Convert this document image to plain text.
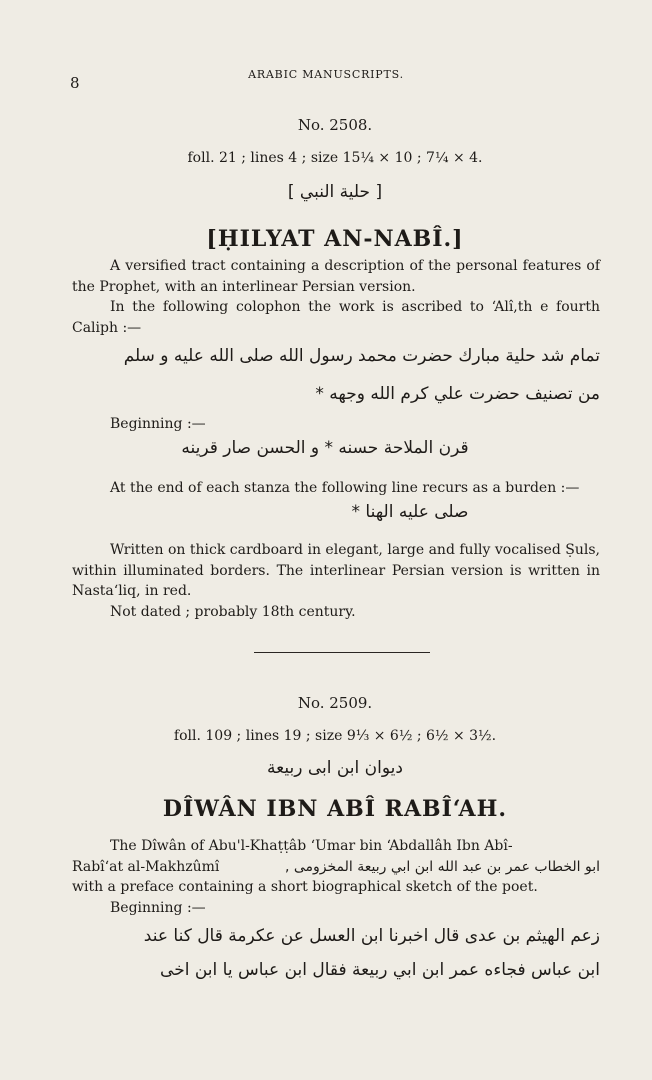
8	ARABIC MANUSCRIPTS.
No. 2508.
foll. 21 ; lines 4 ; size 15¼ × 10 ; 7¼ × 4.
[ حلية النبي ]
[ḤILYAT AN-NABÎ.]

A versified tract containing a description of the personal features of the Prophet, with an interlinear Persian version.

In the following colophon the work is ascribed to ‘Alî,th e fourth Caliph :—

تمام شد حلية مبارك حضرت محمد رسول الله صلى الله عليه و سلم
من تصنيف حضرت علي كرم الله وجهه *
Beginning :—
قرن الملاحة حسنه * و الحسن صار قرينه

At the end of each stanza the following line recurs as a burden :—

صلى عليه الهنا *

Written on thick cardboard in elegant, large and fully vocalised Ṣuls, within illuminated borders. The interlinear Persian version is written in Nasta‘liq, in red.

Not dated ; probably 18th century.

No. 2509.
foll. 109 ; lines 19 ; size 9⅓ × 6½ ; 6½ × 3½.
ديوان ابن ابى ربيعة
DÎWÂN IBN ABÎ RABÎ‘AH.

The Dîwân of Abu'l-Khaṭṭâb ‘Umar bin ‘Abdallâh Ibn Abî-

Rabî‘at al-Makhzûmî	ابو الخطاب عمر بن عبد الله ابن ابي ربيعة المخزومى ,

with a preface containing a short biographical sketch of the poet.

Beginning :—
زعم الهيثم بن عدى قال اخبرنا ابن العسل عن عكرمة قال كنا عند
ابن عباس فجاءه عمر ابن ابي ربيعة فقال ابن عباس يا ابن اخى
